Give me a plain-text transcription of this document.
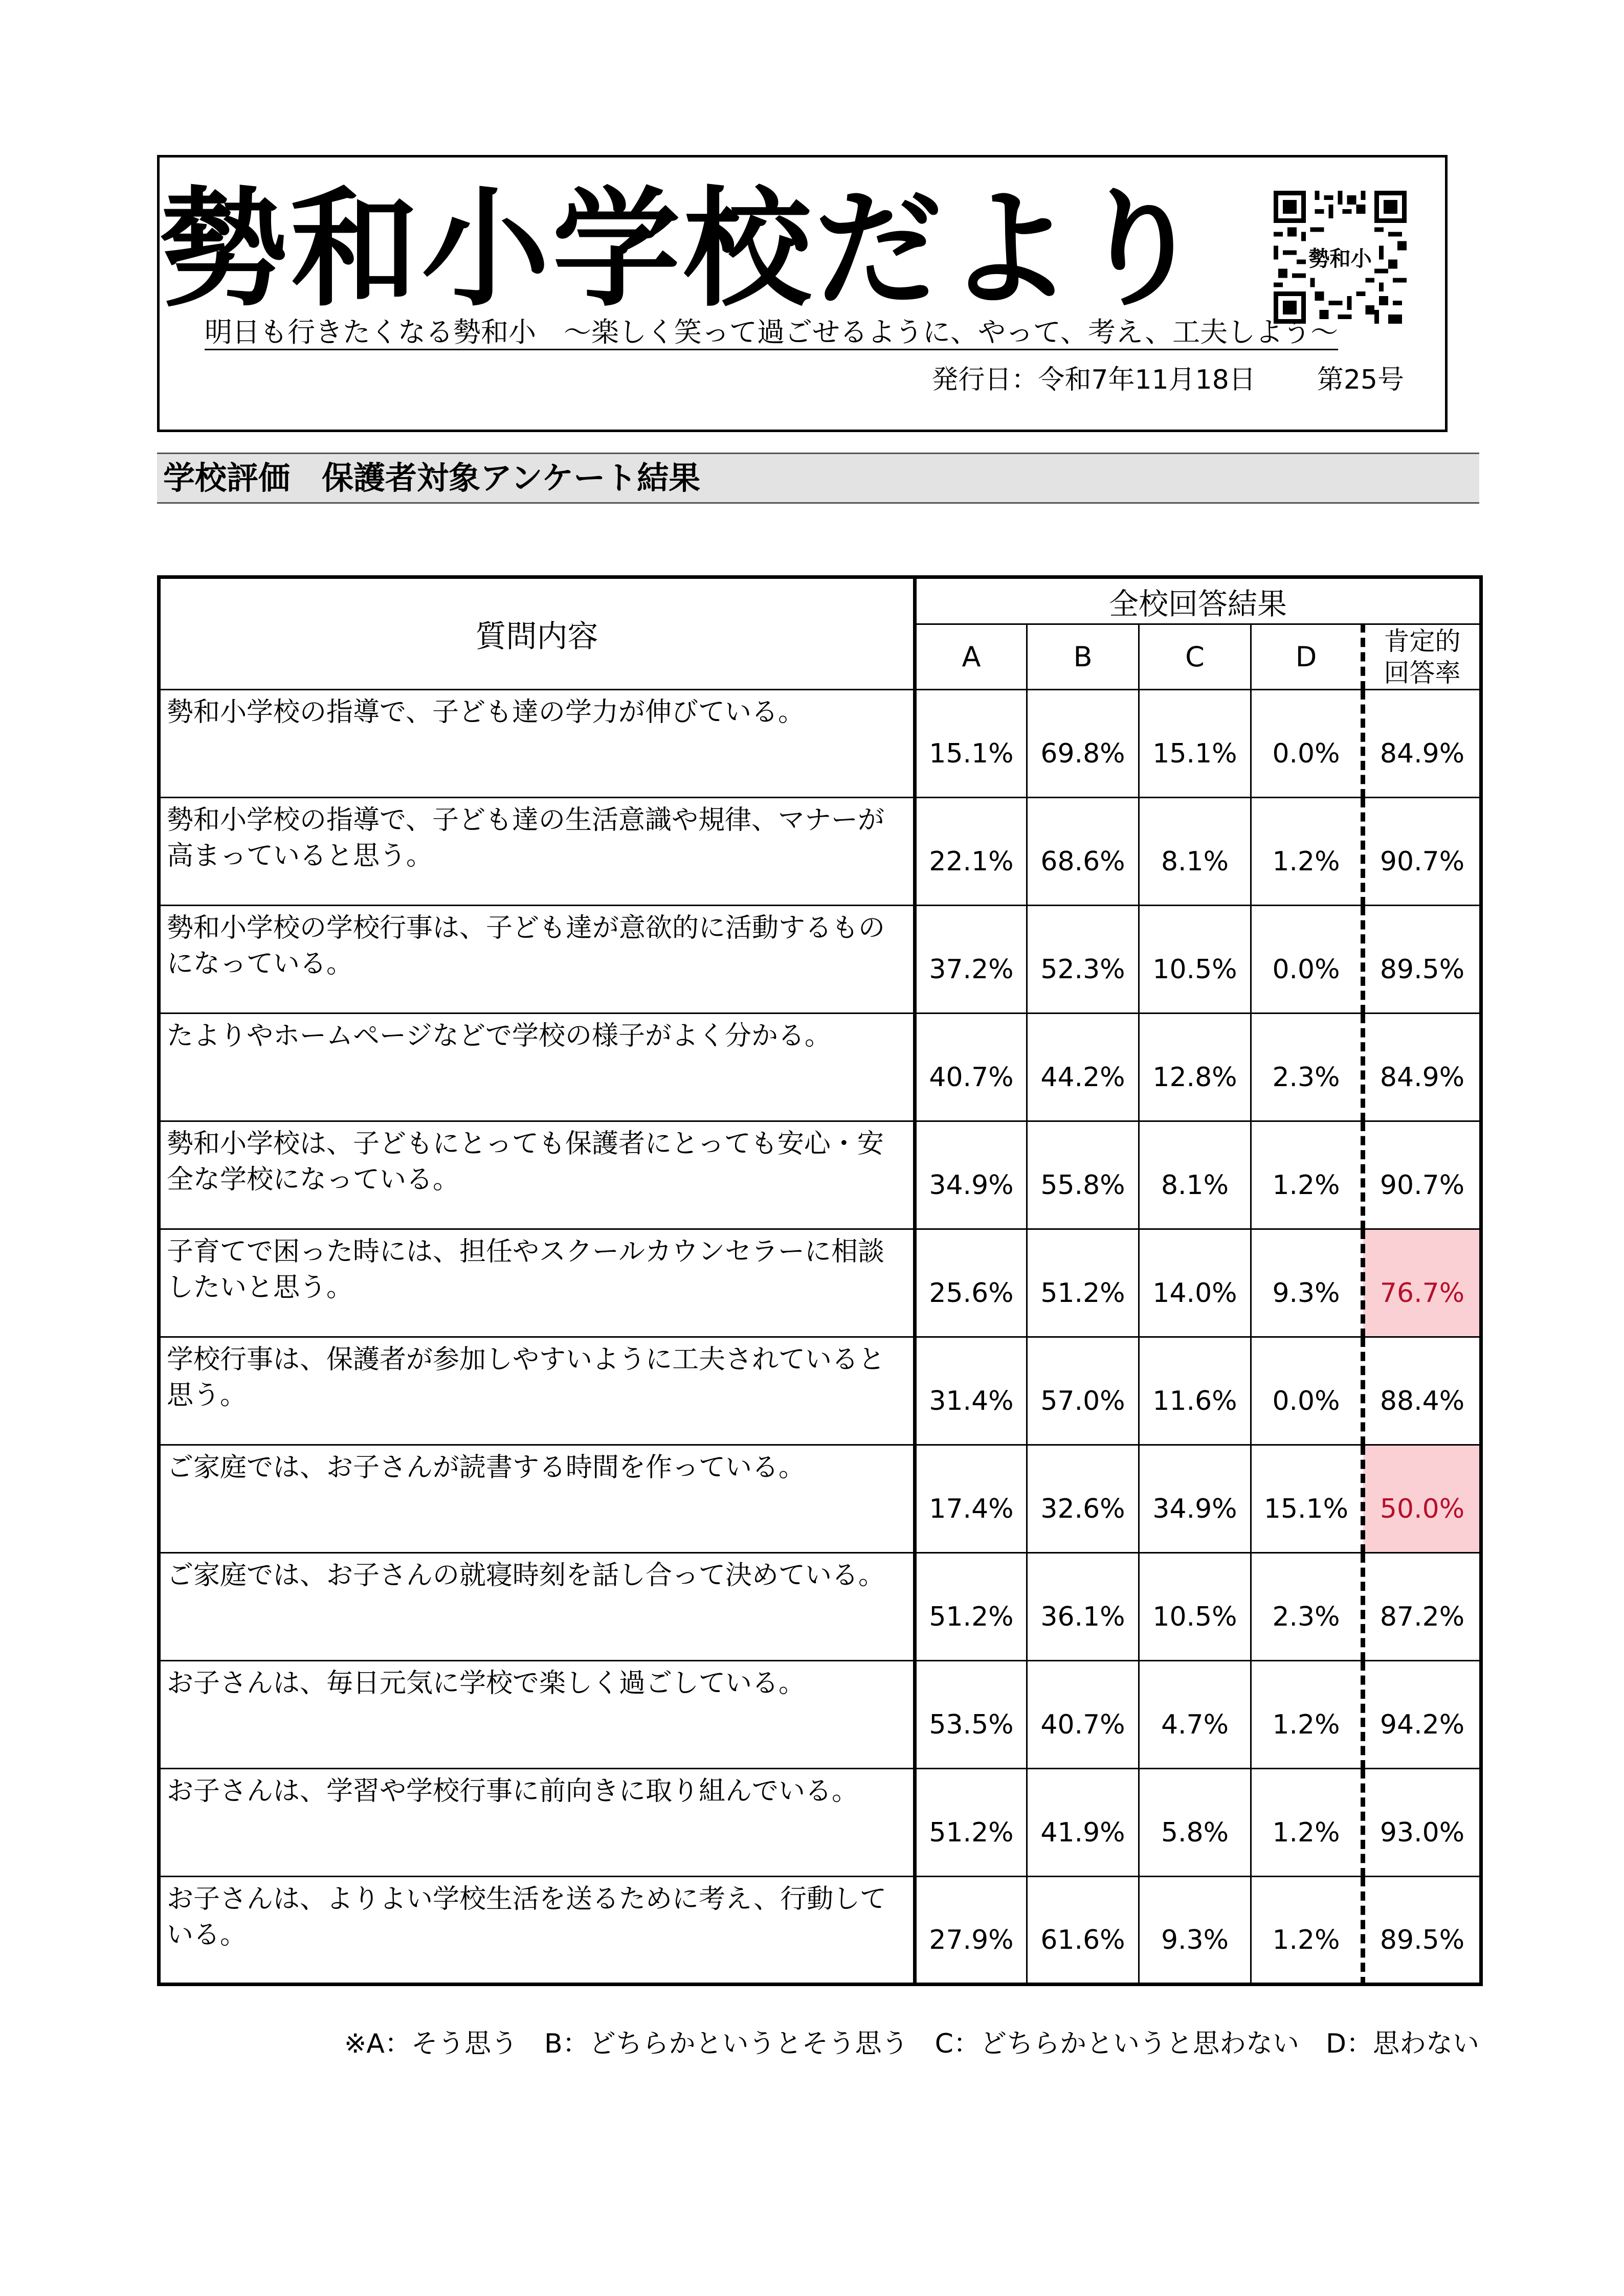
勢和小学校だより	勢和小
明日も行きたくなる勢和小　～楽しく笑って過ごせるように、やって、考え、工夫しよう～
発行日：令和7年11月18日 第25号
学校評価　保護者対象アンケート結果
質問内容	全校回答結果				
	A	B	C	D	肯定的
回答率
勢和小学校の指導で、子ども達の学力が伸びている。	15.1%	69.8%	15.1%	0.0%	84.9%
勢和小学校の指導で、子ども達の生活意識や規律、マナーが高まっていると思う。	22.1%	68.6%	8.1%	1.2%	90.7%
勢和小学校の学校行事は、子ども達が意欲的に活動するものになっている。	37.2%	52.3%	10.5%	0.0%	89.5%
たよりやホームページなどで学校の様子がよく分かる。	40.7%	44.2%	12.8%	2.3%	84.9%
勢和小学校は、子どもにとっても保護者にとっても安心・安全な学校になっている。	34.9%	55.8%	8.1%	1.2%	90.7%
子育てで困った時には、担任やスクールカウンセラーに相談したいと思う。	25.6%	51.2%	14.0%	9.3%	76.7%
学校行事は、保護者が参加しやすいように工夫されていると思う。	31.4%	57.0%	11.6%	0.0%	88.4%
ご家庭では、お子さんが読書する時間を作っている。	17.4%	32.6%	34.9%	15.1%	50.0%
ご家庭では、お子さんの就寝時刻を話し合って決めている。	51.2%	36.1%	10.5%	2.3%	87.2%
お子さんは、毎日元気に学校で楽しく過ごしている。	53.5%	40.7%	4.7%	1.2%	94.2%
お子さんは、学習や学校行事に前向きに取り組んでいる。	51.2%	41.9%	5.8%	1.2%	93.0%
お子さんは、よりよい学校生活を送るために考え、行動している。	27.9%	61.6%	9.3%	1.2%	89.5%
※A：そう思う　B：どちらかというとそう思う　C：どちらかというと思わない　D：思わない
